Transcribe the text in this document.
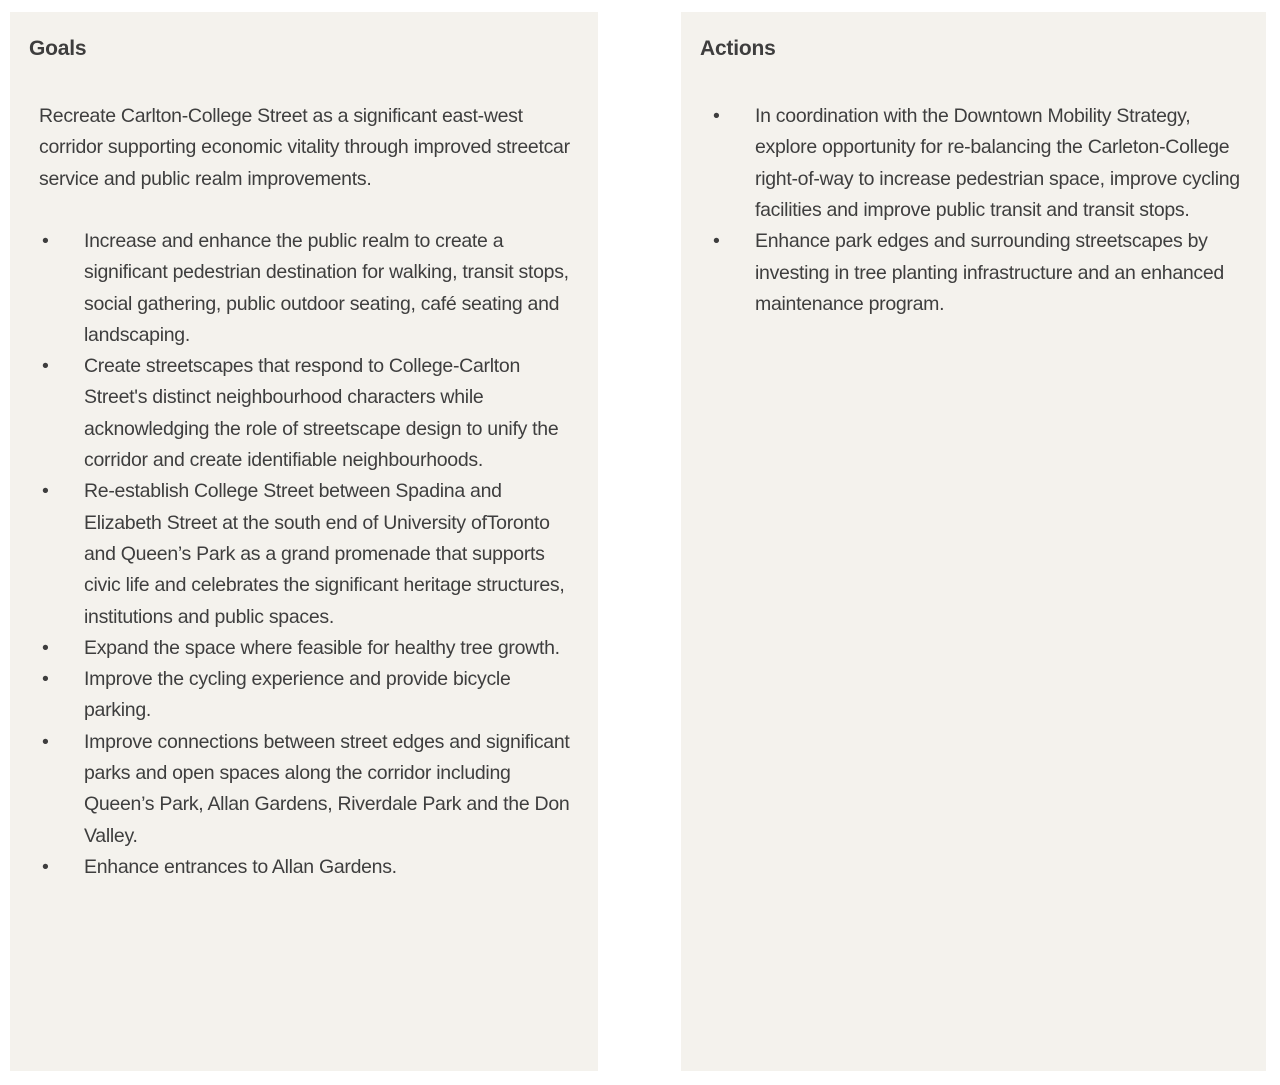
Goals

Recreate Carlton-College Street as a significant east-west corridor supporting economic vitality through improved streetcar service and public realm improvements.

• Increase and enhance the public realm to create a significant pedestrian destination for walking, transit stops, social gathering, public outdoor seating, café seating and landscaping.
• Create streetscapes that respond to College-Carlton Street's distinct neighbourhood characters while acknowledging the role of streetscape design to unify the corridor and create identifiable neighbourhoods.
• Re-establish College Street between Spadina and Elizabeth Street at the south end of University ofToronto and Queen’s Park as a grand promenade that supports civic life and celebrates the significant heritage structures, institutions and public spaces.
• Expand the space where feasible for healthy tree growth.
• Improve the cycling experience and provide bicycle parking.
• Improve connections between street edges and significant parks and open spaces along the corridor including Queen’s Park, Allan Gardens, Riverdale Park and the Don Valley.
• Enhance entrances to Allan Gardens.
Actions
• In coordination with the Downtown Mobility Strategy, explore opportunity for re-balancing the Carleton-College right-of-way to increase pedestrian space, improve cycling facilities and improve public transit and transit stops.
• Enhance park edges and surrounding streetscapes by investing in tree planting infrastructure and an enhanced maintenance program.
